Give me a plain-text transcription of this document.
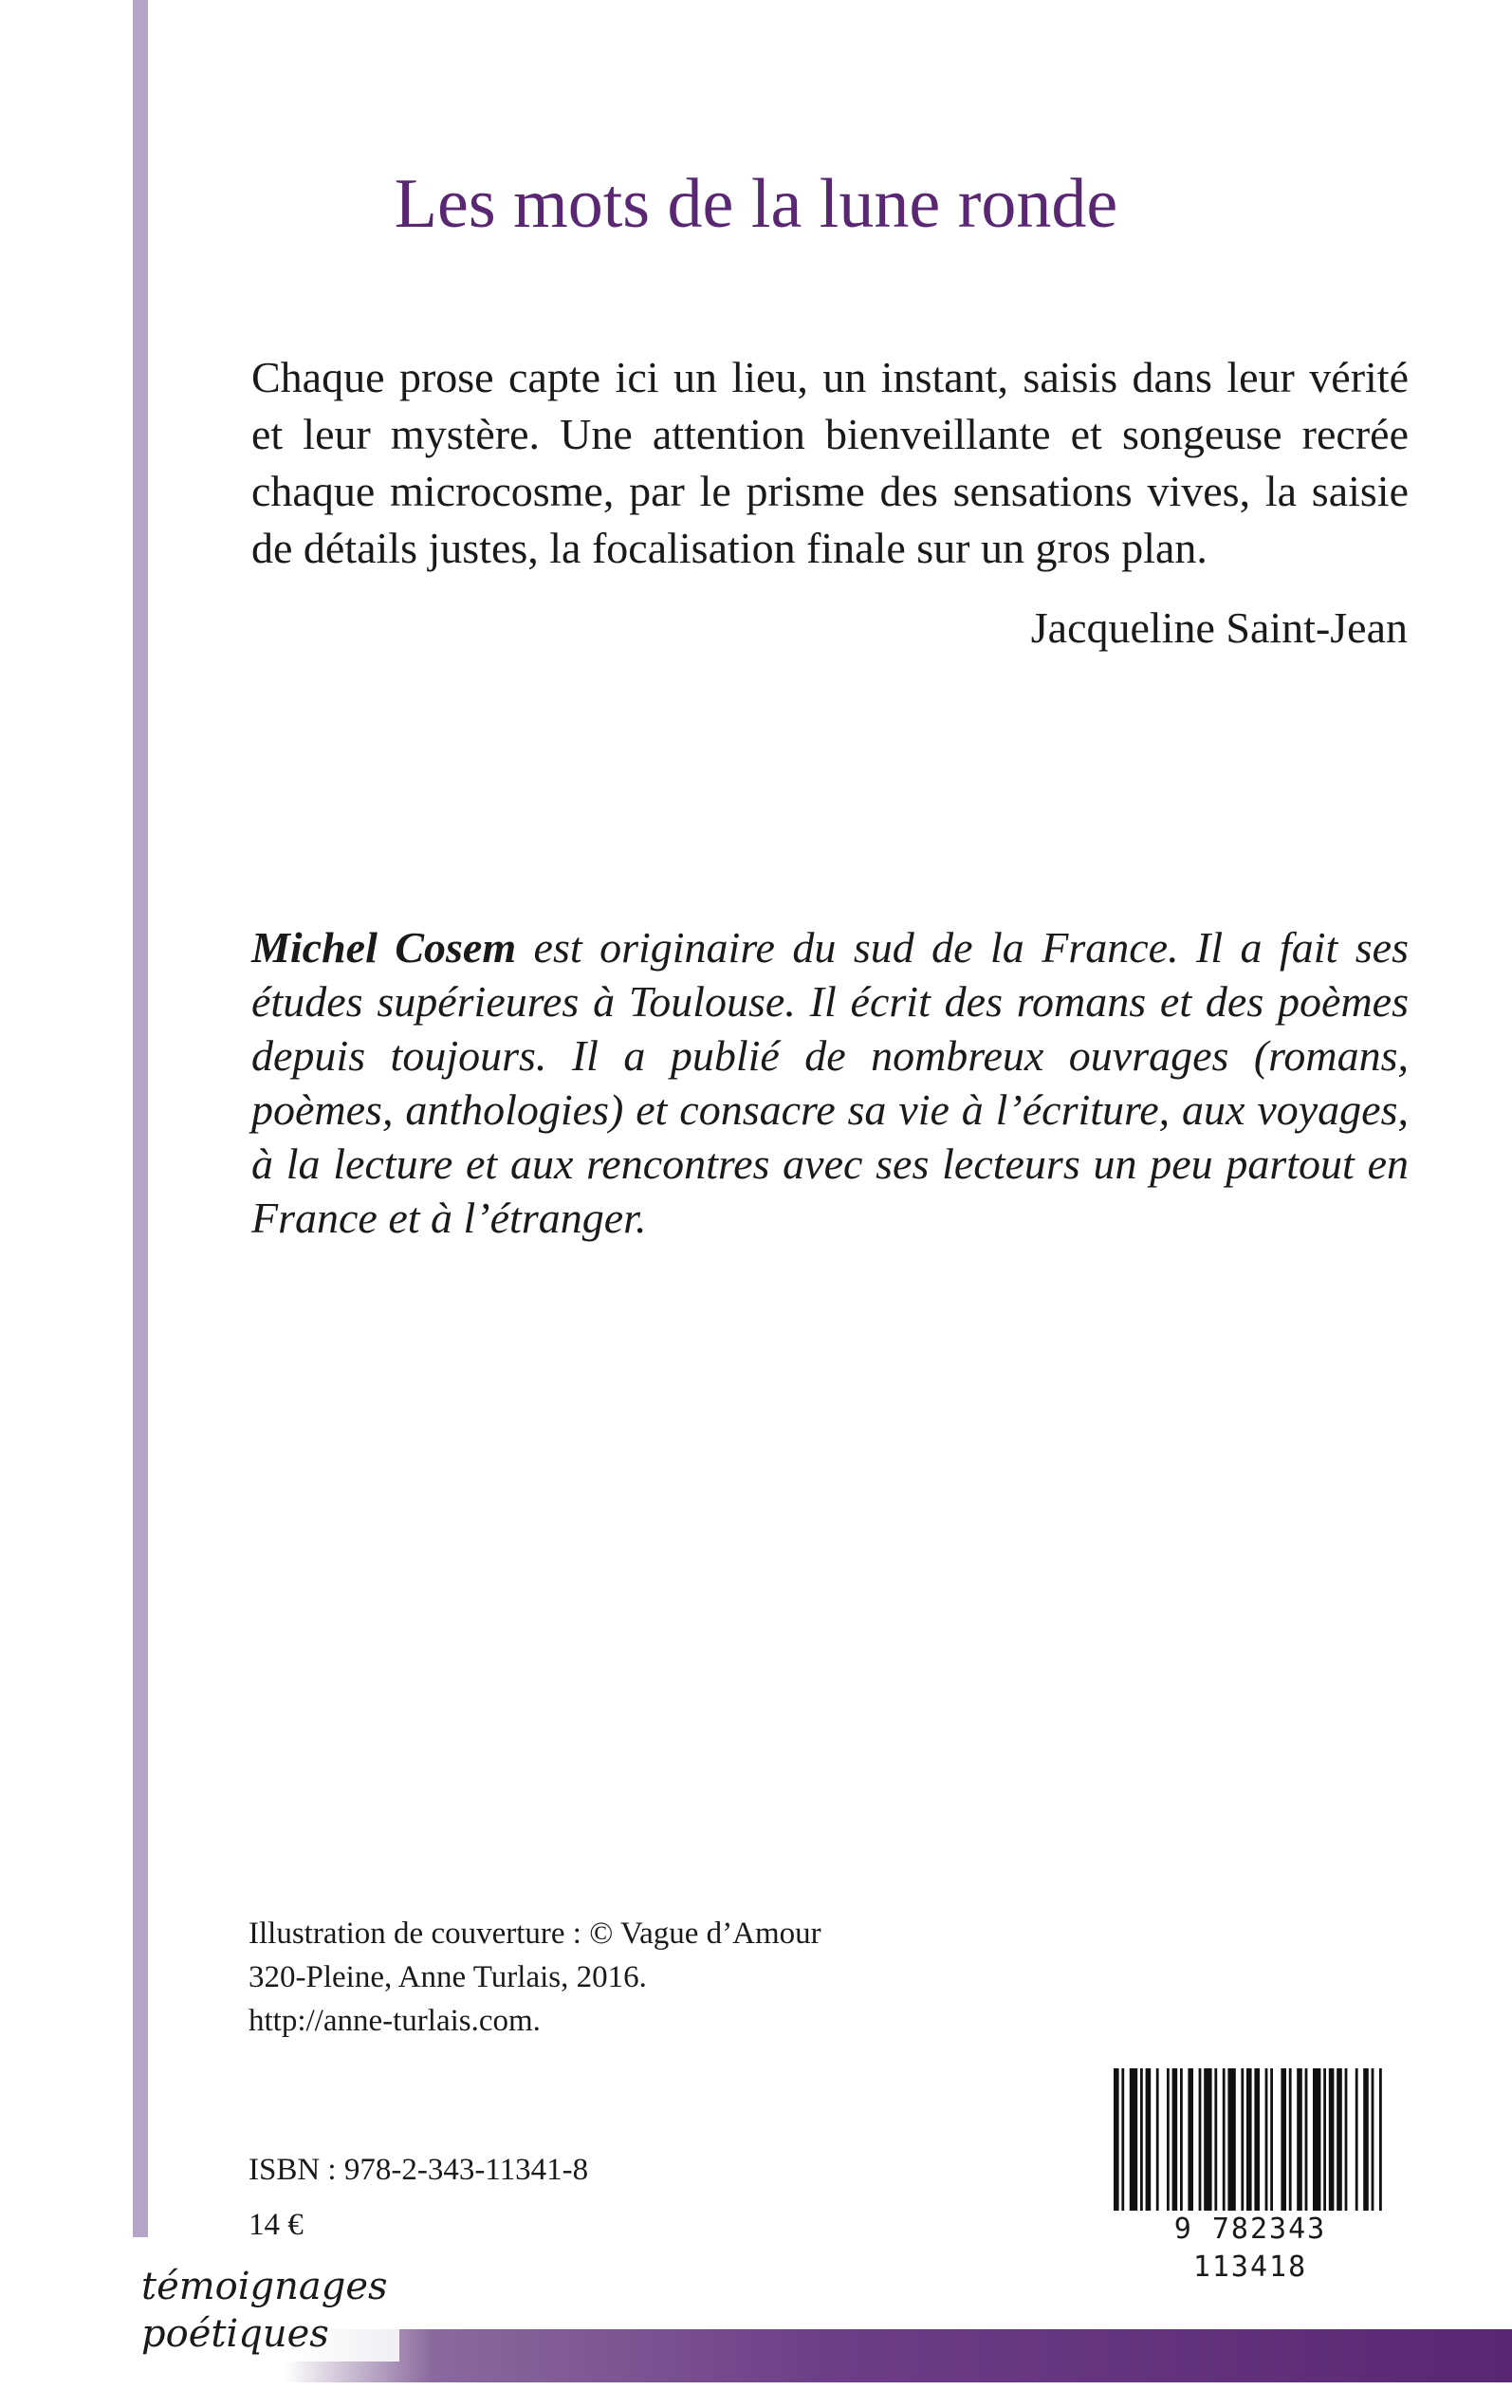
Les mots de la lune ronde

Chaque prose capte ici un lieu, un instant, saisis dans leur vérité et leur mystère. Une attention bienveillante et songeuse recrée chaque microcosme, par le prisme des sensations vives, la saisie de détails justes, la focalisation finale sur un gros plan.

Jacqueline Saint-Jean

Michel Cosem est originaire du sud de la France. Il a fait ses études supérieures à Toulouse. Il écrit des romans et des poèmes depuis toujours. Il a publié de nombreux ouvrages (romans, poèmes, anthologies) et consacre sa vie à l’écriture, aux voyages, à la lecture et aux rencontres avec ses lecteurs un peu partout en France et à l’étranger.

Illustration de couverture : © Vague d’Amour
320-Pleine, Anne Turlais, 2016.
http://anne-turlais.com.
ISBN : 978-2-343-11341-8
14 €	9 782343 113418
témoignages
poétiques
